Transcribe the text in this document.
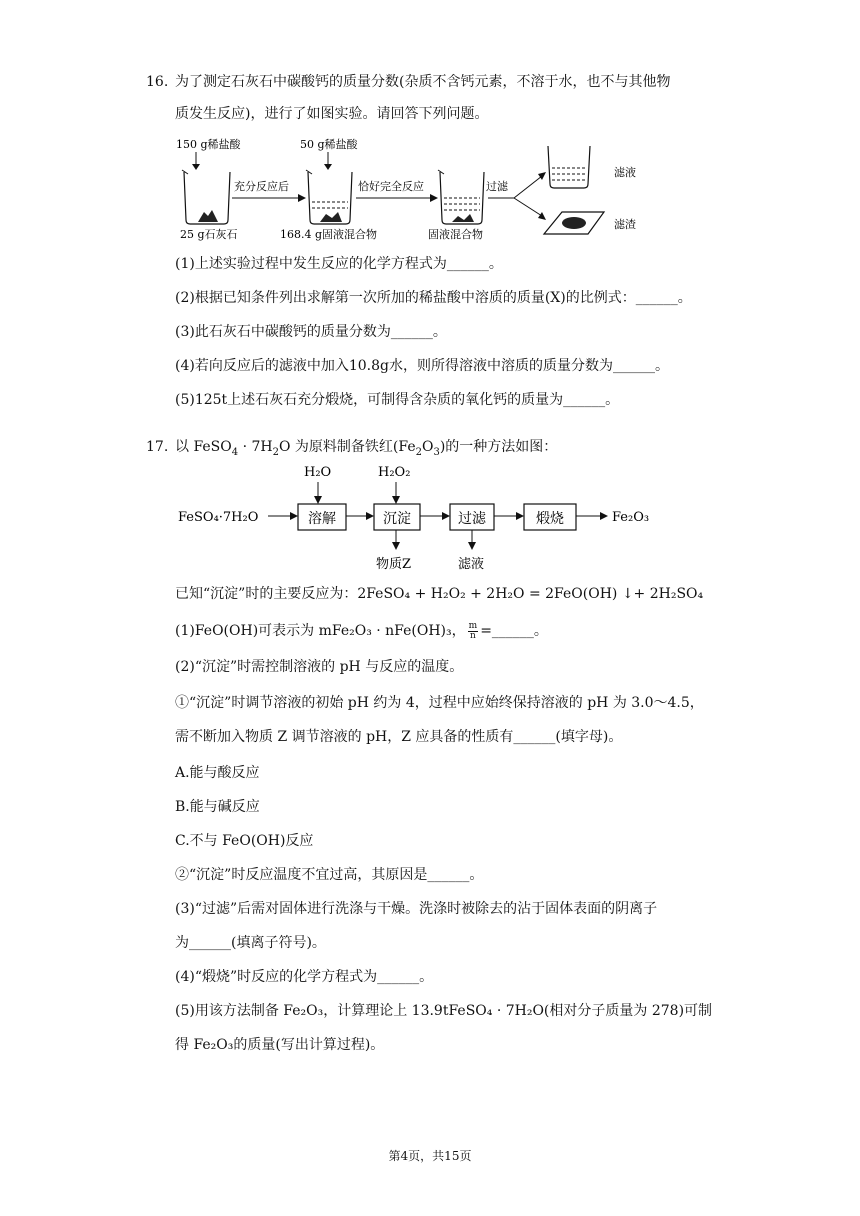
16. 为了测定石灰石中碳酸钙的质量分数(杂质不含钙元素，不溶于水，也不与其他物
质发生反应)，进行了如图实验。请回答下列问题。
150 g稀盐酸
25 g石灰石
充分反应后
50 g稀盐酸
168.4 g固液混合物
恰好完全反应
固液混合物
过滤
滤液
滤渣
(1)上述实验过程中发生反应的化学方程式为______。
(2)根据已知条件列出求解第一次所加的稀盐酸中溶质的质量(X)的比例式：______。
(3)此石灰石中碳酸钙的质量分数为______。
(4)若向反应后的滤液中加入10.8g水，则所得溶液中溶质的质量分数为______。
(5)125t上述石灰石充分煅烧，可制得含杂质的氧化钙的质量为______。
17. 以 FeSO$_4$ · $7H_2O$ 为原料制备铁红$(Fe_2O_3)$的一种方法如图：
FeSO₄·7H₂O
H₂O
溶解
H₂O₂
沉淀
物质Z
过滤
滤液
煅烧	Fe₂O₃
已知“沉淀”时的主要反应为：2FeSO₄ + H₂O₂ + 2H₂O = 2FeO(OH) ↓+ 2H₂SO₄
(1)FeO(OH)可表示为 mFe₂O₃ · nFe(OH)₃， $\frac{m}{n}$ =______。
(2)“沉淀”时需控制溶液的 pH 与反应的温度。
①“沉淀”时调节溶液的初始 pH 约为 4，过程中应始终保持溶液的 pH 为 3.0～4.5，
需不断加入物质 Z 调节溶液的 pH，Z 应具备的性质有______(填字母)。
A.能与酸反应
B.能与碱反应
C.不与 FeO(OH)反应
②“沉淀”时反应温度不宜过高，其原因是______。
(3)“过滤”后需对固体进行洗涤与干燥。洗涤时被除去的沾于固体表面的阴离子
为______(填离子符号)。
(4)“煅烧”时反应的化学方程式为______。
(5)用该方法制备 Fe₂O₃，计算理论上 13.9tFeSO₄ · 7H₂O(相对分子质量为 278)可制
得 Fe₂O₃的质量(写出计算过程)。
第4页，共15页
